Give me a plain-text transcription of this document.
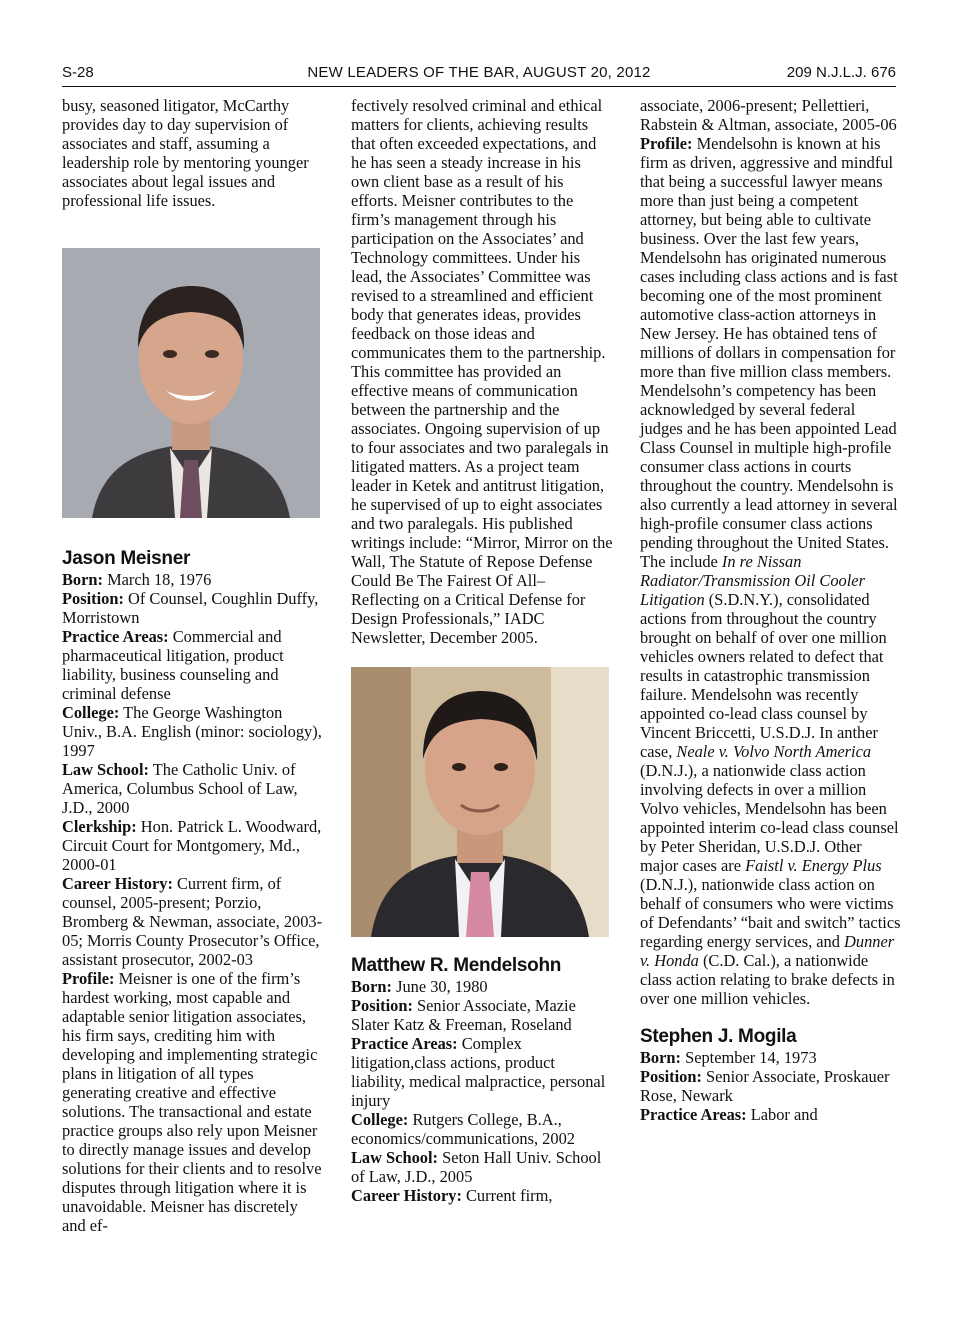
S-28	NEW LEADERS OF THE BAR, AUGUST 20, 2012	209 N.J.L.J. 676

busy, seasoned litigator, McCarthy provides day to day supervision of associates and staff, assuming a leadership role by mentoring younger associates about legal issues and professional life issues.

Jason Meisner

Born: March 18, 1976

Position: Of Counsel, Coughlin Duffy, Morristown

Practice Areas: Commercial and pharmaceutical litigation, product liability, business counseling and criminal defense

College: The George Washington Univ., B.A. English (minor: sociology), 1997

Law School: The Catholic Univ. of America, Columbus School of Law, J.D., 2000

Clerkship: Hon. Patrick L. Woodward, Circuit Court for Montgomery, Md., 2000-01

Career History: Current firm, of counsel, 2005-present; Porzio, Bromberg & Newman, associate, 2003-05; Morris County Prosecutor’s Office, assistant prosecutor, 2002-03

Profile: Meisner is one of the firm’s hardest working, most capable and adaptable senior litigation associates, his firm says, crediting him with developing and implementing strategic plans in litigation of all types generating creative and effective solutions. The transactional and estate practice groups also rely upon Meisner to directly manage issues and develop solutions for their clients and to resolve disputes through litigation where it is unavoidable. Meisner has discretely and ef-

fectively resolved criminal and ethical matters for clients, achieving results that often exceeded expectations, and he has seen a steady increase in his own client base as a result of his efforts. Meisner contributes to the firm’s management through his participation on the Associates’ and Technology committees. Under his lead, the Associates’ Committee was revised to a streamlined and efficient body that generates ideas, provides feedback on those ideas and communicates them to the partnership. This committee has provided an effective means of communication between the partnership and the associates. Ongoing supervision of up to four associates and two paralegals in litigated matters. As a project team leader in Ketek and antitrust litigation, he supervised of up to eight associates and two paralegals. His published writings include: “Mirror, Mirror on the Wall, The Statute of Repose Defense Could Be The Fairest Of All–Reflecting on a Critical Defense for Design Professionals,” IADC Newsletter, December 2005.

Matthew R. Mendelsohn

Born: June 30, 1980

Position: Senior Associate, Mazie Slater Katz & Freeman, Roseland

Practice Areas: Complex litigation,class actions, product liability, medical malpractice, personal injury

College: Rutgers College, B.A., economics/communications, 2002

Law School: Seton Hall Univ. School of Law, J.D., 2005

Career History: Current firm,

associate, 2006-present; Pellettieri, Rabstein & Altman, associate, 2005-06

Profile: Mendelsohn is known at his firm as driven, aggressive and mindful that being a successful lawyer means more than just being a competent attorney, but being able to cultivate business. Over the last few years, Mendelsohn has originated numerous cases including class actions and is fast becoming one of the most prominent automotive class-action attorneys in New Jersey. He has obtained tens of millions of dollars in compensation for more than five million class members. Mendelsohn’s competency has been acknowledged by several federal judges and he has been appointed Lead Class Counsel in multiple high-profile consumer class actions in courts throughout the country. Mendelsohn is also currently a lead attorney in several high-profile consumer class actions pending throughout the United States. The include In re Nissan Radiator/Transmission Oil Cooler Litigation (S.D.N.Y.), consolidated actions from throughout the country brought on behalf of over one million vehicles owners related to defect that results in catastrophic transmission failure. Mendelsohn was recently appointed co-lead class counsel by Vincent Briccetti, U.S.D.J. In anther case, Neale v. Volvo North America (D.N.J.), a nationwide class action involving defects in over a million Volvo vehicles, Mendelsohn has been appointed interim co-lead class counsel by Peter Sheridan, U.S.D.J. Other major cases are Faistl v. Energy Plus (D.N.J.), nationwide class action on behalf of consumers who were victims of Defendants’ “bait and switch” tactics regarding energy services, and Dunner v. Honda (C.D. Cal.), a nationwide class action relating to brake defects in over one million vehicles.

Stephen J. Mogila

Born: September 14, 1973

Position: Senior Associate, Proskauer Rose, Newark

Practice Areas: Labor and
